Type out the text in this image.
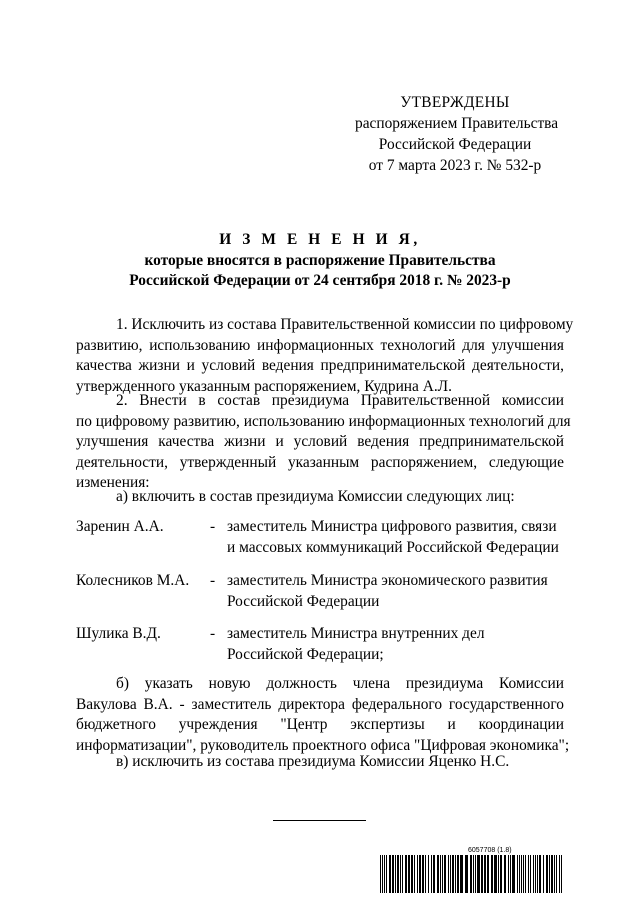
УТВЕРЖДЕНЫ
распоряжением Правительства
Российской Федерации
от 7 марта 2023 г. № 532-р
И З М Е Н Е Н И Я,
которые вносятся в распоряжение Правительства
Российской Федерации от 24 сентября 2018 г. № 2023-р
1. Исключить из состава Правительственной комиссии по цифровому
развитию, использованию информационных технологий для улучшения
качества жизни и условий ведения предпринимательской деятельности,
утвержденного указанным распоряжением, Кудрина А.Л.
2. Внести в состав президиума Правительственной комиссии
по цифровому развитию, использованию информационных технологий для
улучшения качества жизни и условий ведения предпринимательской
деятельности, утвержденный указанным распоряжением, следующие
изменения:
а) включить в состав президиума Комиссии следующих лиц:
Заренин А.А.	- заместитель Министра цифрового развития, связи
и массовых коммуникаций Российской Федерации
Колесников М.А. - заместитель Министра экономического развития
Российской Федерации
Шулика В.Д.	- заместитель Министра внутренних дел
Российской Федерации;
б) указать новую должность члена президиума Комиссии
Вакулова В.А. - заместитель директора федерального государственного
бюджетного учреждения "Центр экспертизы и координации
информатизации", руководитель проектного офиса "Цифровая экономика";
в) исключить из состава президиума Комиссии Яценко Н.С.
6057708 (1.8)
